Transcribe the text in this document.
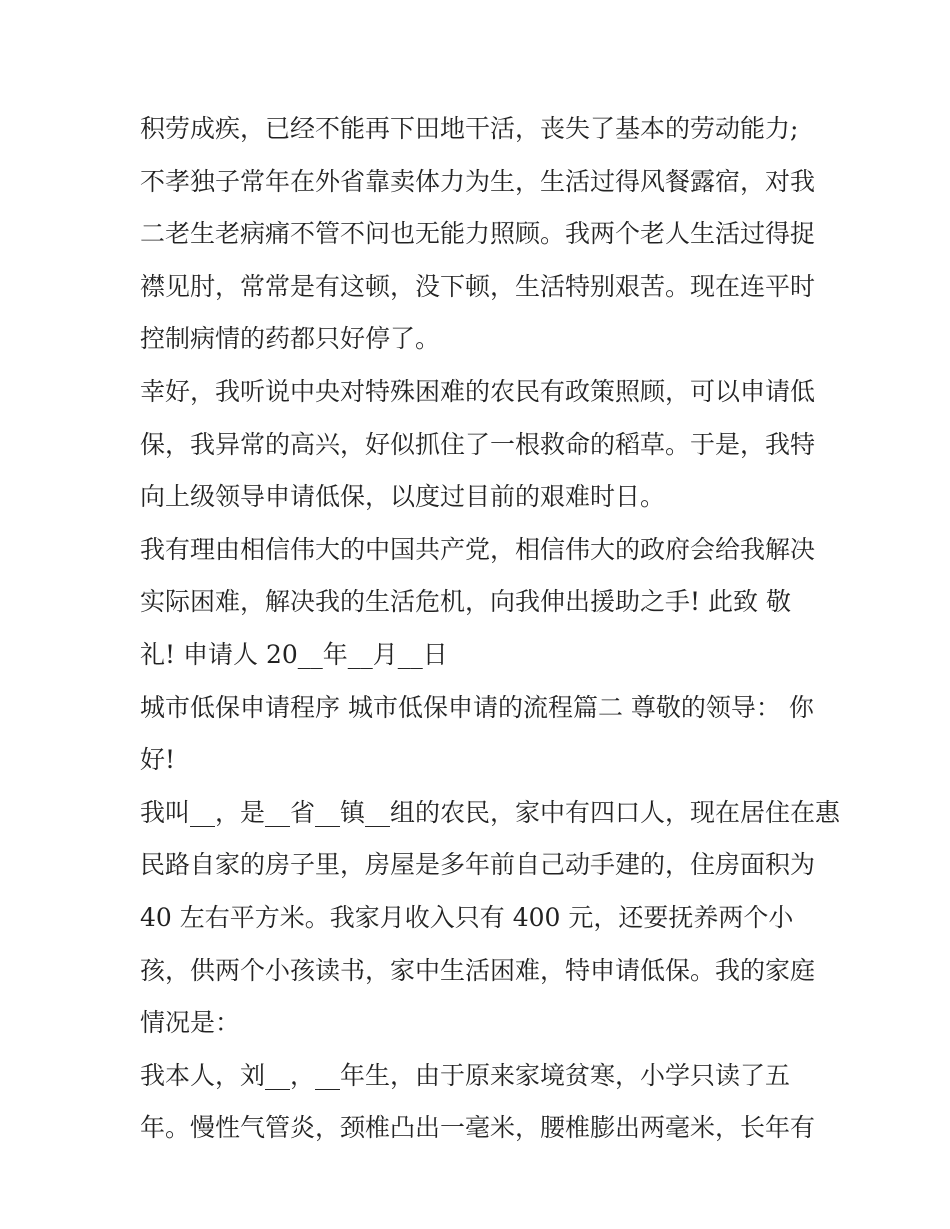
积劳成疾，已经不能再下田地干活，丧失了基本的劳动能力;
不孝独子常年在外省靠卖体力为生，生活过得风餐露宿，对我
二老生老病痛不管不问也无能力照顾。我两个老人生活过得捉
襟见肘，常常是有这顿，没下顿，生活特别艰苦。现在连平时
控制病情的药都只好停了。
幸好，我听说中央对特殊困难的农民有政策照顾，可以申请低
保，我异常的高兴，好似抓住了一根救命的稻草。于是，我特
向上级领导申请低保，以度过目前的艰难时日。
我有理由相信伟大的中国共产党，相信伟大的政府会给我解决
实际困难，解决我的生活危机，向我伸出援助之手! 此致 敬
礼! 申请人 20__年__月__日
城市低保申请程序 城市低保申请的流程篇二 尊敬的领导： 你
好!
我叫__，是__省__镇__组的农民，家中有四口人，现在居住在惠
民路自家的房子里，房屋是多年前自己动手建的，住房面积为
40 左右平方米。我家月收入只有 400 元，还要抚养两个小
孩，供两个小孩读书，家中生活困难，特申请低保。我的家庭
情况是：
我本人，刘__，__年生，由于原来家境贫寒，小学只读了五
年。慢性气管炎，颈椎凸出一毫米，腰椎膨出两毫米，长年有
